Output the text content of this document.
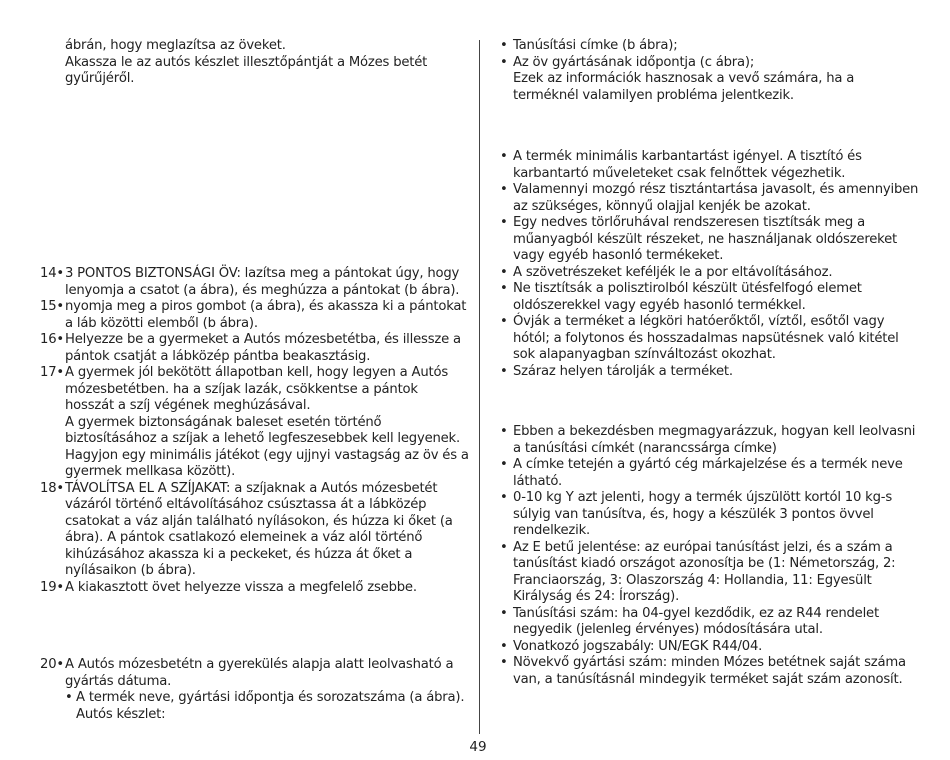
ábrán, hogy meglazítsa az öveket.
Akassza le az autós készlet illesztőpántját a Mózes betét gyűrűjéről.
14• 3 PONTOS BIZTONSÁGI ÖV: lazítsa meg a pántokat úgy, hogy lenyomja a csatot (a ábra), és meghúzza a pántokat (b ábra).
15• nyomja meg a piros gombot (a ábra), és akassza ki a pántokat a láb közötti elemből (b ábra).
16• Helyezze be a gyermeket a Autós mózesbetétba, és illessze a pántok csatját a lábközép pántba beakasztásig.
17• A gyermek jól bekötött állapotban kell, hogy legyen a Autós mózesbetétben. ha a szíjak lazák, csökkentse a pántok hosszát a szíj végének meghúzásával.
A gyermek biztonságának baleset esetén történő biztosításához a szíjak a lehető legfeszesebbek kell legyenek. Hagyjon egy minimális játékot (egy ujjnyi vastagság az öv és a gyermek mellkasa között).
18• TÁVOLÍTSA EL A SZÍJAKAT: a szíjaknak a Autós mózesbetét vázáról történő eltávolításához csúsztassa át a lábközép csatokat a váz alján található nyílásokon, és húzza ki őket (a ábra). A pántok csatlakozó elemeinek a váz alól történő kihúzásához akassza ki a peckeket, és húzza át őket a nyílásaikon (b ábra).
19• A kiakasztott övet helyezze vissza a megfelelő zsebbe.
20• A Autós mózesbetétn a gyerekülés alapja alatt leolvasható a gyártás dátuma.
• A termék neve, gyártási időpontja és sorozatszáma (a ábra). Autós készlet:
• Tanúsítási címke (b ábra);
• Az öv gyártásának időpontja (c ábra);
Ezek az információk hasznosak a vevő számára, ha a terméknél valamilyen probléma jelentkezik.
• A termék minimális karbantartást igényel. A tisztító és karbantartó műveleteket csak felnőttek végezhetik.
• Valamennyi mozgó rész tisztántartása javasolt, és amennyiben az szükséges, könnyű olajjal kenjék be azokat.
• Egy nedves törlőruhával rendszeresen tisztítsák meg a műanyagból készült részeket, ne használjanak oldószereket vagy egyéb hasonló termékeket.
• A szövetrészeket keféljék le a por eltávolításához.
• Ne tisztítsák a polisztirolból készült ütésfelfogó elemet oldószerekkel vagy egyéb hasonló termékkel.
• Óvják a terméket a légköri hatóerőktől, víztől, esőtől vagy hótól; a folytonos és hosszadalmas napsütésnek való kitétel sok alapanyagban színváltozást okozhat.
• Száraz helyen tárolják a terméket.
• Ebben a bekezdésben megmagyarázzuk, hogyan kell leolvasni a tanúsítási címkét (narancssárga címke)
• A címke tetején a gyártó cég márkajelzése és a termék neve látható.
• 0-10 kg Y azt jelenti, hogy a termék újszülött kortól 10 kg-s súlyig van tanúsítva, és, hogy a készülék 3 pontos övvel rendelkezik.
• Az E betű jelentése: az európai tanúsítást jelzi, és a szám a tanúsítást kiadó országot azonosítja be (1: Németország, 2: Franciaország, 3: Olaszország 4: Hollandia, 11: Egyesült Királyság és 24: Írország).
• Tanúsítási szám: ha 04-gyel kezdődik, ez az R44 rendelet negyedik (jelenleg érvényes) módosítására utal.
• Vonatkozó jogszabály: UN/EGK R44/04.
• Növekvő gyártási szám: minden Mózes betétnek saját száma van, a tanúsításnál mindegyik terméket saját szám azonosít.
49
